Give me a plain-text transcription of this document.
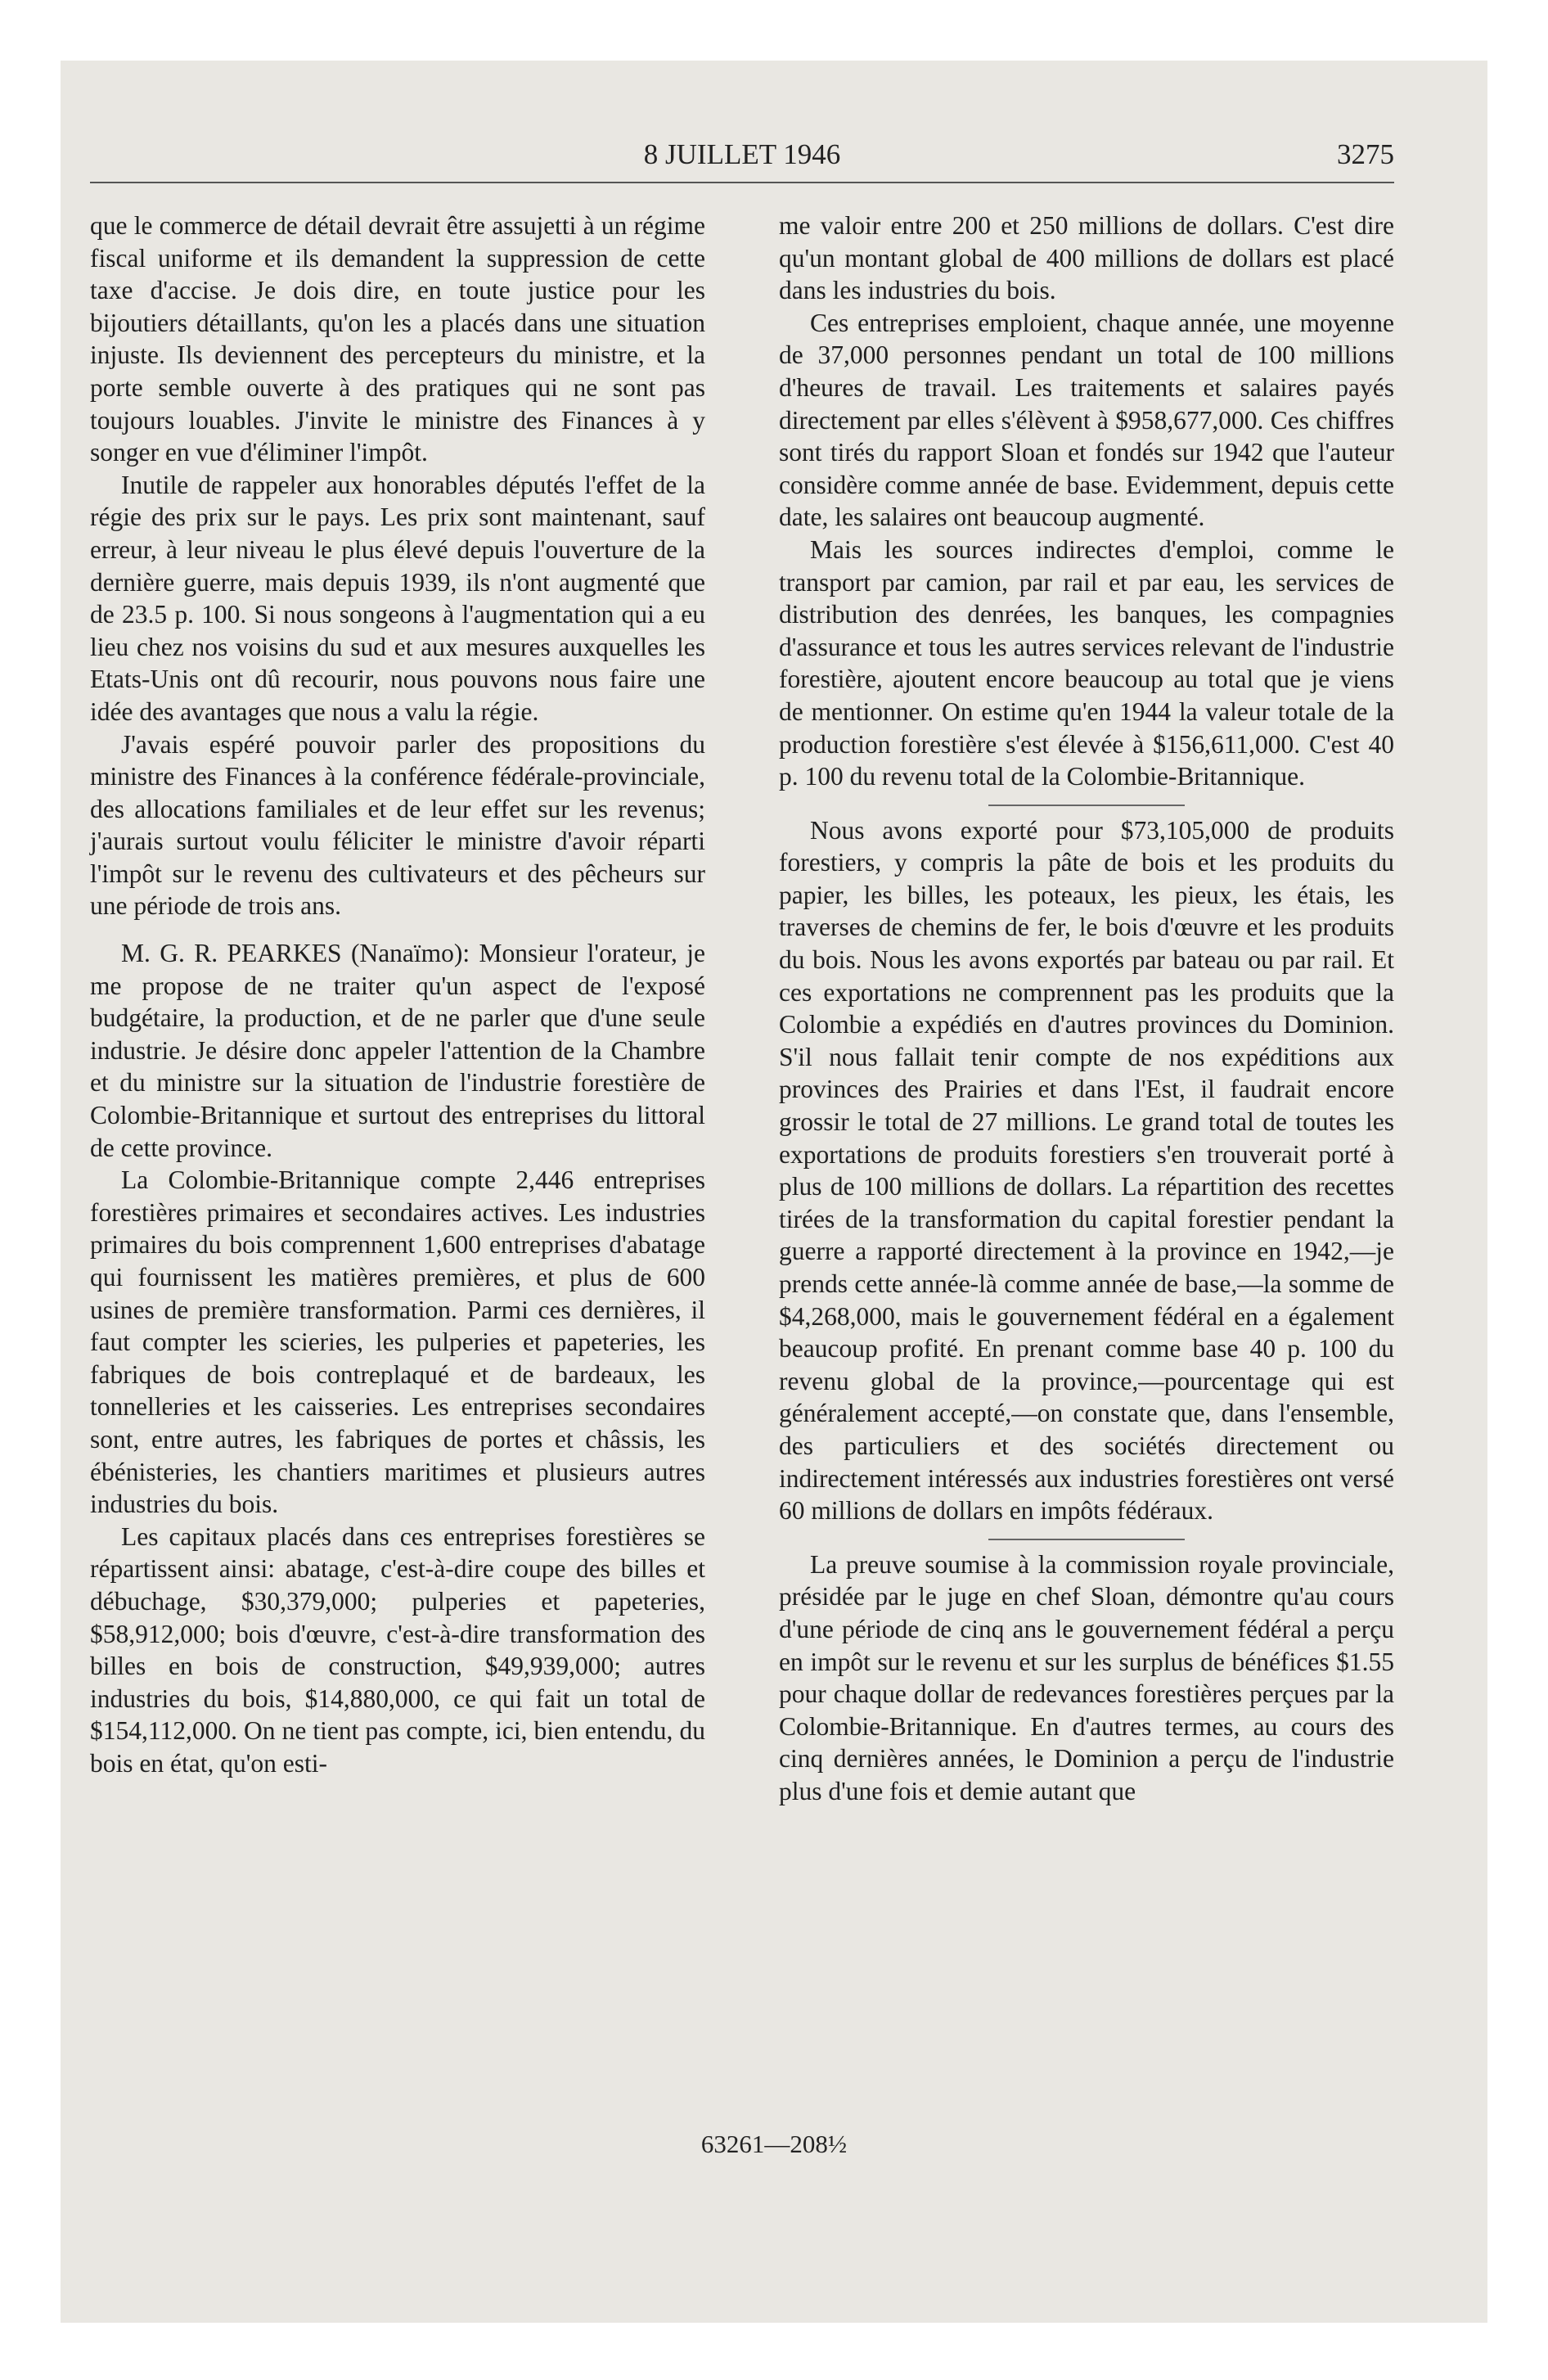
8 JUILLET 1946	3275

que le commerce de détail devrait être assujetti à un régime fiscal uniforme et ils demandent la suppression de cette taxe d'accise. Je dois dire, en toute justice pour les bijoutiers détaillants, qu'on les a placés dans une situation injuste. Ils deviennent des percepteurs du ministre, et la porte semble ouverte à des pratiques qui ne sont pas toujours louables. J'invite le ministre des Finances à y songer en vue d'éliminer l'impôt.

Inutile de rappeler aux honorables députés l'effet de la régie des prix sur le pays. Les prix sont maintenant, sauf erreur, à leur niveau le plus élevé depuis l'ouverture de la dernière guerre, mais depuis 1939, ils n'ont augmenté que de 23.5 p. 100. Si nous songeons à l'augmentation qui a eu lieu chez nos voisins du sud et aux mesures auxquelles les Etats-Unis ont dû recourir, nous pouvons nous faire une idée des avantages que nous a valu la régie.

J'avais espéré pouvoir parler des propositions du ministre des Finances à la conférence fédérale-provinciale, des allocations familiales et de leur effet sur les revenus; j'aurais surtout voulu féliciter le ministre d'avoir réparti l'impôt sur le revenu des cultivateurs et des pêcheurs sur une période de trois ans.

M. G. R. PEARKES (Nanaïmo): Monsieur l'orateur, je me propose de ne traiter qu'un aspect de l'exposé budgétaire, la production, et de ne parler que d'une seule industrie. Je désire donc appeler l'attention de la Chambre et du ministre sur la situation de l'industrie forestière de Colombie-Britannique et surtout des entreprises du littoral de cette province.

La Colombie-Britannique compte 2,446 entreprises forestières primaires et secondaires actives. Les industries primaires du bois comprennent 1,600 entreprises d'abatage qui fournissent les matières premières, et plus de 600 usines de première transformation. Parmi ces dernières, il faut compter les scieries, les pulperies et papeteries, les fabriques de bois contreplaqué et de bardeaux, les tonnelleries et les caisseries. Les entreprises secondaires sont, entre autres, les fabriques de portes et châssis, les ébénisteries, les chantiers maritimes et plusieurs autres industries du bois.

Les capitaux placés dans ces entreprises forestières se répartissent ainsi: abatage, c'est-à-dire coupe des billes et débuchage, $30,379,000; pulperies et papeteries, $58,912,000; bois d'œuvre, c'est-à-dire transformation des billes en bois de construction, $49,939,000; autres industries du bois, $14,880,000, ce qui fait un total de $154,112,000. On ne tient pas compte, ici, bien entendu, du bois en état, qu'on esti-

me valoir entre 200 et 250 millions de dollars. C'est dire qu'un montant global de 400 millions de dollars est placé dans les industries du bois.

Ces entreprises emploient, chaque année, une moyenne de 37,000 personnes pendant un total de 100 millions d'heures de travail. Les traitements et salaires payés directement par elles s'élèvent à $958,677,000. Ces chiffres sont tirés du rapport Sloan et fondés sur 1942 que l'auteur considère comme année de base. Evidemment, depuis cette date, les salaires ont beaucoup augmenté.

Mais les sources indirectes d'emploi, comme le transport par camion, par rail et par eau, les services de distribution des denrées, les banques, les compagnies d'assurance et tous les autres services relevant de l'industrie forestière, ajoutent encore beaucoup au total que je viens de mentionner. On estime qu'en 1944 la valeur totale de la production forestière s'est élevée à $156,611,000. C'est 40 p. 100 du revenu total de la Colombie-Britannique.

Nous avons exporté pour $73,105,000 de produits forestiers, y compris la pâte de bois et les produits du papier, les billes, les poteaux, les pieux, les étais, les traverses de chemins de fer, le bois d'œuvre et les produits du bois. Nous les avons exportés par bateau ou par rail. Et ces exportations ne comprennent pas les produits que la Colombie a expédiés en d'autres provinces du Dominion. S'il nous fallait tenir compte de nos expéditions aux provinces des Prairies et dans l'Est, il faudrait encore grossir le total de 27 millions. Le grand total de toutes les exportations de produits forestiers s'en trouverait porté à plus de 100 millions de dollars. La répartition des recettes tirées de la transformation du capital forestier pendant la guerre a rapporté directement à la province en 1942,—je prends cette année-là comme année de base,—la somme de $4,268,000, mais le gouvernement fédéral en a également beaucoup profité. En prenant comme base 40 p. 100 du revenu global de la province,—pourcentage qui est généralement accepté,—on constate que, dans l'ensemble, des particuliers et des sociétés directement ou indirectement intéressés aux industries forestières ont versé 60 millions de dollars en impôts fédéraux.

La preuve soumise à la commission royale provinciale, présidée par le juge en chef Sloan, démontre qu'au cours d'une période de cinq ans le gouvernement fédéral a perçu en impôt sur le revenu et sur les surplus de bénéfices $1.55 pour chaque dollar de redevances forestières perçues par la Colombie-Britannique. En d'autres termes, au cours des cinq dernières années, le Dominion a perçu de l'industrie plus d'une fois et demie autant que

63261—208½
